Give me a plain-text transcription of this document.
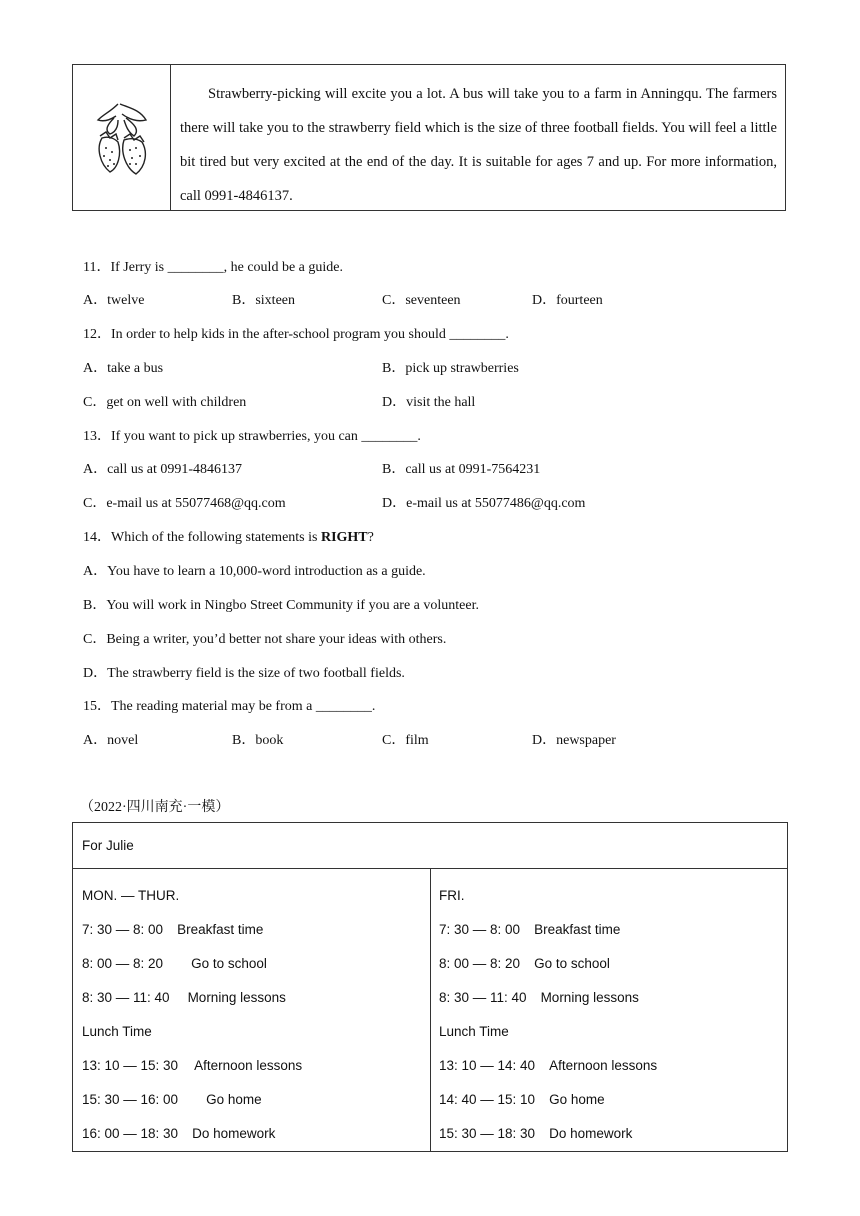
Strawberry-picking will excite you a lot. A bus will take you to a farm in Anningqu. The farmers there will take you to the strawberry field which is the size of three football fields. You will feel a little bit tired but very excited at the end of the day. It is suitable for ages 7 and up. For more information, call 0991-4846137.
11．If Jerry is ________, he could be a guide.
A．twelve	B．sixteen	C．seventeen	D．fourteen
12．In order to help kids in the after-school program you should ________.
A．take a bus	B．pick up strawberries
C．get on well with children	D．visit the hall
13．If you want to pick up strawberries, you can ________.
A．call us at 0991-4846137	B．call us at 0991-7564231
C．e-mail us at 55077468@qq.com	D．e-mail us at 55077486@qq.com
14．Which of the following statements is RIGHT?
A．You have to learn a 10,000-word introduction as a guide.
B．You will work in Ningbo Street Community if you are a volunteer.
C．Being a writer, you’d better not share your ideas with others.
D．The strawberry field is the size of two football fields.
15．The reading material may be from a ________.
A．novel	B．book	C．film	D．newspaper
（2022·四川南充·一模）
For Julie
MON. — THUR.
7: 30 — 8: 00 Breakfast time
8: 00 — 8: 20 Go to school
8: 30 — 11: 40 Morning lessons
Lunch Time
13: 10 — 15: 30 Afternoon lessons
15: 30 — 16: 00 Go home
16: 00 — 18: 30 Do homework
FRI.
7: 30 — 8: 00 Breakfast time
8: 00 — 8: 20 Go to school
8: 30 — 11: 40 Morning lessons
Lunch Time
13: 10 — 14: 40 Afternoon lessons
14: 40 — 15: 10 Go home
15: 30 — 18: 30 Do homework
